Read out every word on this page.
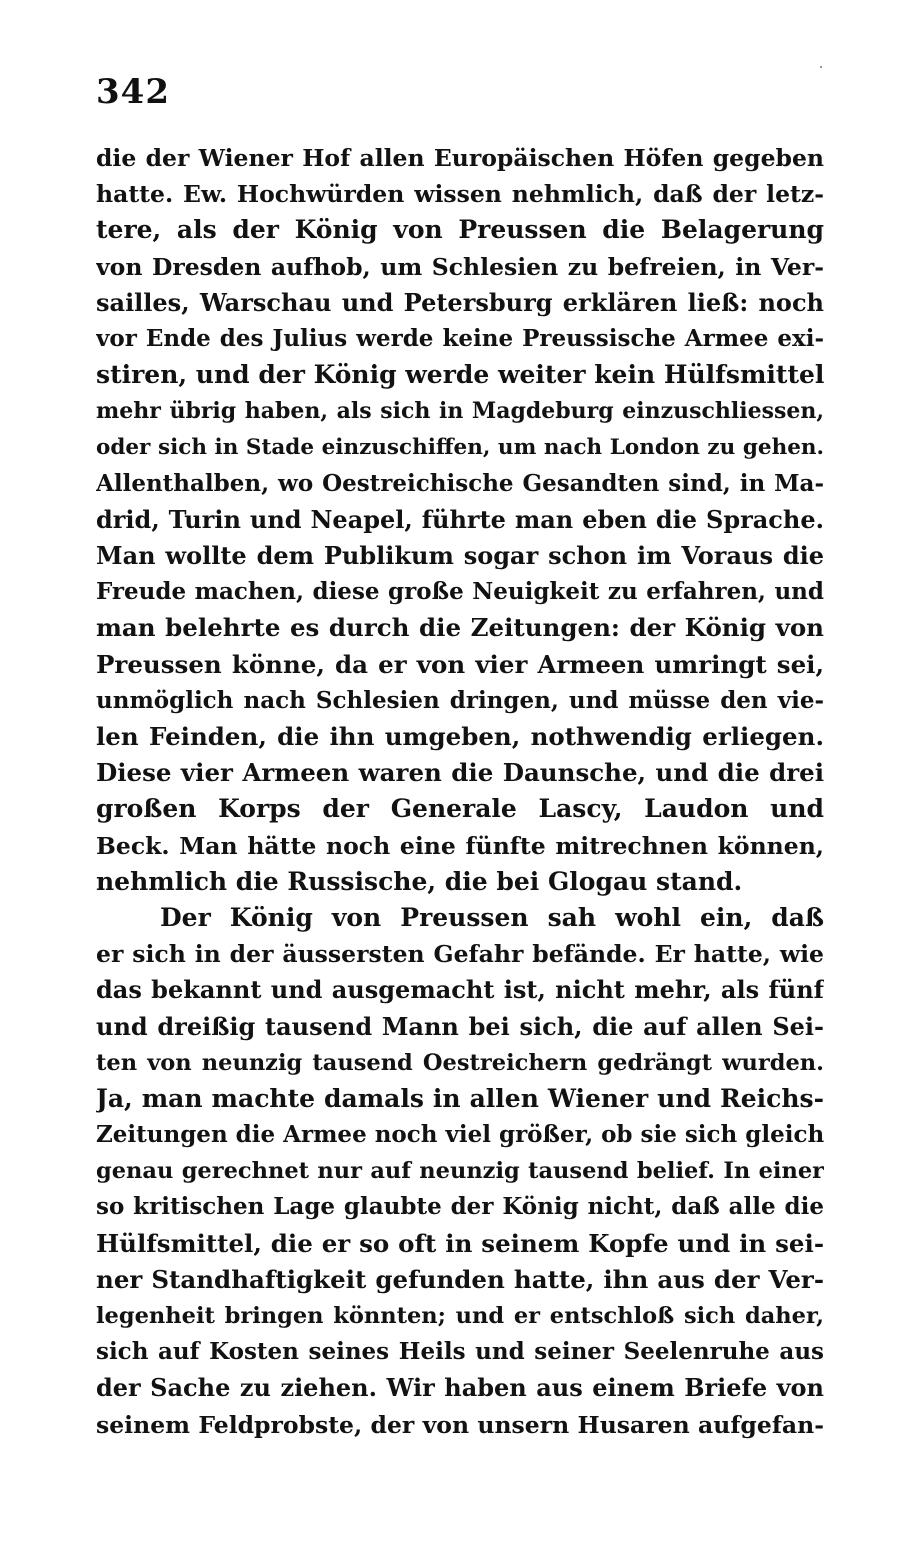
342
die der Wiener Hof allen Europäischen Höfen gegeben
hatte. Ew. Hochwürden wissen nehmlich, daß der letz-
tere, als der König von Preussen die Belagerung
von Dresden aufhob, um Schlesien zu befreien, in Ver-
sailles, Warschau und Petersburg erklären ließ: noch
vor Ende des Julius werde keine Preussische Armee exi-
stiren, und der König werde weiter kein Hülfsmittel
mehr übrig haben, als sich in Magdeburg einzuschliessen,
oder sich in Stade einzuschiffen, um nach London zu gehen.
Allenthalben, wo Oestreichische Gesandten sind, in Ma-
drid, Turin und Neapel, führte man eben die Sprache.
Man wollte dem Publikum sogar schon im Voraus die
Freude machen, diese große Neuigkeit zu erfahren, und
man belehrte es durch die Zeitungen: der König von
Preussen könne, da er von vier Armeen umringt sei,
unmöglich nach Schlesien dringen, und müsse den vie-
len Feinden, die ihn umgeben, nothwendig erliegen.
Diese vier Armeen waren die Daunsche, und die drei
großen Korps der Generale Lascy, Laudon und
Beck. Man hätte noch eine fünfte mitrechnen können,
nehmlich die Russische, die bei Glogau stand.
Der König von Preussen sah wohl ein, daß
er sich in der äussersten Gefahr befände. Er hatte, wie
das bekannt und ausgemacht ist, nicht mehr, als fünf
und dreißig tausend Mann bei sich, die auf allen Sei-
ten von neunzig tausend Oestreichern gedrängt wurden.
Ja, man machte damals in allen Wiener und Reichs-
Zeitungen die Armee noch viel größer, ob sie sich gleich
genau gerechnet nur auf neunzig tausend belief. In einer
so kritischen Lage glaubte der König nicht, daß alle die
Hülfsmittel, die er so oft in seinem Kopfe und in sei-
ner Standhaftigkeit gefunden hatte, ihn aus der Ver-
legenheit bringen könnten; und er entschloß sich daher,
sich auf Kosten seines Heils und seiner Seelenruhe aus
der Sache zu ziehen. Wir haben aus einem Briefe von
seinem Feldprobste, der von unsern Husaren aufgefan-
